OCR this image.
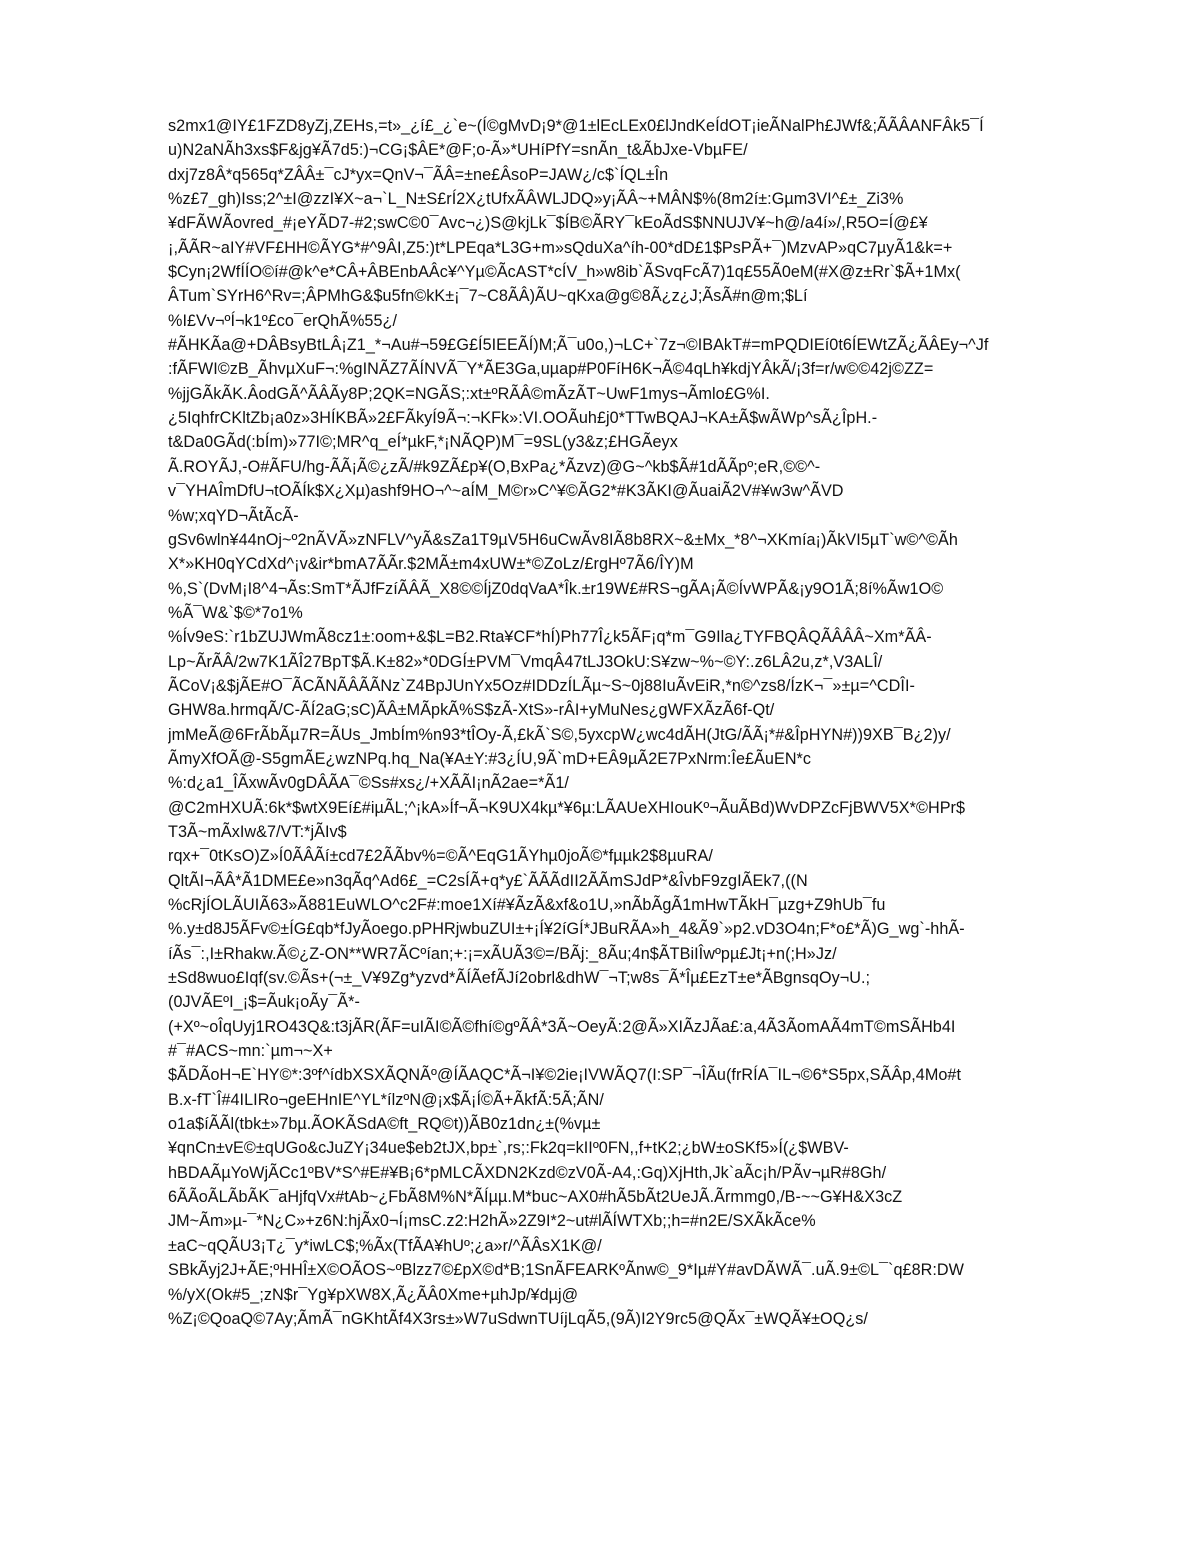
s2mx1@IY£1FZD8yZj,ZEHs,=t»_¿í£_¿`e~(Í©gMvD¡9*@1±lEcLEx0£lJndKeÍdOT¡ieÃNalPh£JWf&;ÃÃÂANFÂk5¯Í
u)N2aNÃh3xs$F&jg¥Ã7d5:)¬CG¡$ÂE*@F;o-Ã»*UHíPfY=snÃn_t&ÃbJxe-VbµFE/
dxj7z8Â*q565q*ZÂÂ±¯cJ*yx=QnV¬¯ÃÂ=±ne£ÂsoP=JAW¿/c$`ÍQL±În
%z£7_gh)Iss;2^±I@zzI¥X~a¬`L_N±S£rÍ2X¿tUfxÃÂWLJDQ»y¡ÃÂ~+MÂN$%(8m2í±:Gµm3VI^£±_Zi3%
¥dFÃWÃovred_#¡eYÃD7-#2;swC©0¯Avc¬¿)S@kjLk¯$ÍB©ÃRY¯kEoÃdS$NNUJV¥~h@/a4í»/,R5O=Í@£¥
¡,ÃÃR~aIY#VF£HH©ÃYG*#^9ÂI,Z5:)t*LPEqa*L3G+m»sQduXa^íh-00*dD£1$PsPÃ+¯)MzvAP»qC7µyÃ1&k=+
$Cyn¡2WfÍÍO©í#@k^e*CÂ+ÂBEnbAÂc¥^Yµ©ÃcAST*cÍV_h»w8ib`ÃSvqFcÃ7)1q£55Ã0eM(#X@z±Rr`$Ã+1Mx(
ÂTum`SYrH6^Rv=;ÂPMhG&$u5fn©kK±¡¯7~C8ÃÂ)ÃU~qKxa@g©8Ã¿z¿J;ÃsÃ#n@m;$Lí
%I£Vv¬ºÍ¬k1º£co¯erQhÃ%55¿/
#ÃHKÃa@+DÂBsyBtLÂ¡Z1_*¬Au#¬59£G£Í5IEEÃÍ)M;Ã¯u0o,)¬LC+`7z¬©IBAkT#=mPQDIEí0t6ÍEWtZÃ¿ÃÂEy¬^Jf
:fÃFWI©zB_ÃhvµXuF¬:%gINÃZ7ÃÍNVÃ¯Y*ÃE3Ga,uµap#P0FíH6K¬Ã©4qLh¥kdjYÂkÃ/¡3f=r/w©©42j©ZZ=
%jjGÃkÃK.ÂodGÃ^ÃÂÃy8P;2QK=NGÃS;:xt±ºRÃÂ©mÃzÃT~UwF1mys¬Ãmlo£G%I.
¿5IqhfrCKltZb¡a0z»3HÍKBÃ»2£FÃkyÍ9Ã¬:¬KFk»:VI.OOÃuh£j0*TTwBQAJ¬KA±Ã$wÃWp^sÃ¿ÎpH.-
t&Da0GÃd(:bÍm)»77I©;MR^q_eÍ*µkF,*¡NÃQP)M¯=9SL(y3&z;£HGÃeyx
Ã.ROYÃJ,-O#ÃFU/hg-ÃÃ¡Ã©¿zÃ/#k9ZÃ£p¥(O,BxPa¿*Ãzvz)@G~^kb$Ã#1dÃÃpº;eR,©©^-
v¯YHAÎmDfU¬tOÃÍk$X¿Xµ)ashf9HO¬^~aÍM_M©r»C^¥©ÃG2*#K3ÃKI@ÃuaiÃ2V#¥w3w^ÃVD
%w;xqYD¬ÃtÃcÃ-
gSv6wln¥44nOj~º2nÃVÃ»zNFLV^yÃ&sZa1T9µV5H6uCwÃv8IÃ8b8RX~&±Mx_*8^¬XKmía¡)ÃkVI5µT`w©^©Ãh
X*»KH0qYCdXd^¡v&ir*bmA7ÃÃr.$2MÃ±m4xUW±*©ZoLz/£rgHº7Ã6/ÎY)M
%,S`(DvM¡I8^4¬Ãs:SmT*ÃJfFzíÃÂÃ_X8©©ÍjZ0dqVaA*Îk.±r19W£#RS¬gÃA¡Ã©ÍvWPÃ&¡y9O1Ã;8í%Ãw1O©
%Ã¯W&`$©*7o1%
%Ív9eS:`r1bZUJWmÃ8cz1±:oom+&$L=B2.Rta¥CF*hÍ)Ph77Î¿k5ÃF¡q*m¯G9Ila¿TYFBQÂQÃÂÂÂ~Xm*ÃÂ-
Lp~ÃrÃÂ/2w7K1ÃÎ27BpT$Ã.K±82»*0DGÍ±PVM¯VmqÂ47tLJ3OkU:S¥zw~%~©Y:.z6LÂ2u,z*,V3ALÎ/
ÃCoV¡&$jÃE#O¯ÃCÃNÃÂÃÃNz`Z4BpJUnYx5Oz#IDDzÍLÃµ~S~0j88IuÃvEiR,*n©^zs8/ÍzK¬¯»±µ=^CDÎI-
GHW8a.hrmqÃ/C-ÃÍ2aG;sC)ÃÂ±MÃpkÃ%S$zÃ-XtS»-rÂI+yMuNes¿gWFXÃzÃ6f-Qt/
jmMeÃ@6FrÃbÃµ7R=ÃUs_JmbÍm%n93*tÎOy-Ã,£kÃ`S©,5yxcpW¿wc4dÃH(JtG/ÃÃ¡*#&ÎpHYN#))9XB¯B¿2)y/
ÃmyXfOÃ@-S5gmÃE¿wzNPq.hq_Na(¥A±Y:#3¿ÍU,9Ã`mD+EÂ9µÃ2E7PxNrm:Îe£ÃuEN*c
%:d¿a1_ÎÃxwÃv0gDÂÃA¯©Ss#xs¿/+XÃÃI¡nÃ2ae=*Ã1/
@C2mHXUÃ:6k*$wtX9Eí£#iµÃL;^¡kA»Íf¬Ã¬K9UX4kµ*¥6µ:LÃAUeXHIouKº¬ÃuÃBd)WvDPZcFjBWV5X*©HPr$
T3Ã~mÃxIw&7/VT:*jÃIv$
rqx+¯0tKsO)Z»Í0ÃÂÃí±cd7£2ÃÃbv%=©Ã^EqG1ÃYhµ0joÃ©*fµµk2$8µuRA/
QltÃI¬ÃÂ*Ã1DME£e»n3qÃq^Ad6£_=C2sÍÃ+q*y£`ÃÃÃdII2ÃÃmSJdP*&ÎvbF9zgIÃEk7,((N
%cRjÍOLÃUIÃ63»Ã881EuWLO^c2F#:moe1Xí#¥ÃzÃ&xf&o1U,»nÃbÃgÃ1mHwTÃkH¯µzg+Z9hUb¯fu
%.y±d8J5ÃFv©±ÍG£qb*fJyÃoego.pPHRjwbuZUI±+¡Í¥2íGÍ*JBuRÃA»h_4&Ã9`»p2.vD3O4n;F*o£*Ã)G_wg`-hhÃ-
íÃs¯:,I±Rhakw.Ã©¿Z-ON**WR7ÃCºían;+:¡=xÃUÃ3©=/BÃj:_8Ãu;4n$ÃTBiIÎwºpµ£Jt¡+n(;H»Jz/
±Sd8wuo£Iqf(sv.©Ãs+(¬±_V¥9Zg*yzvd*ÃÍÃefÃJí2obrl&dhW¯¬T;w8s¯Ã*Îµ£EzT±e*ÃBgnsqOy¬U.;
(0JVÃEºI_¡$=Ãuk¡oÃy¯Ã*-
(+Xº~oÎqUyj1RO43Q&:t3jÃR(ÃF=uIÃI©Ã©fhí©gºÃÂ*3Ã~OeyÃ:2@Ã»XIÃzJÃa£:a,4Ã3ÃomAÃ4mT©mSÃHb4I
#¯#ACS~mn:`µm¬~X+
$ÃDÃoH¬E`HY©*:3ºf^ídbXSXÃQNÃº@ÍÃAQC*Ã¬I¥©2ie¡IVWÃQ7(I:SP¯¬ÎÃu(frRÍA¯IL¬©6*S5px,SÃÂp,4Mo#t
B.x-fT`Î#4ILIRo¬geEHnIE^YL*ílzºN@¡x$Ã¡Í©Ã+ÃkfÃ:5Ã;ÃN/
o1a$íÃÃl(tbk±»7bµ.ÃOKÃSdA©ft_RQ©t))ÃB0z1dn¿±(%vµ±
¥qnCn±vE©±qUGo&cJuZY¡34ue$eb2tJX,bp±`,rs;:Fk2q=kIIº0FN,,f+tK2;¿bW±oSKf5»Í(¿$WBV-
hBDAÃµYoWjÃCc1ºBV*S^#E#¥B¡6*pMLCÃXDN2Kzd©zV0Ã-A4,:Gq)XjHth,Jk`aÃc¡h/PÃv¬µR#8Gh/
6ÃÃoÃLÃbÃK¯aHjfqVx#tAb~¿FbÃ8M%N*ÃÍµµ.M*buc~AX0#hÃ5bÃt2UeJÃ.Ãrmmg0,/B-~~G¥H&X3cZ
JM~Ãm»µ-¯*N¿C»+z6N:hjÃx0¬Í¡msC.z2:H2hÃ»2Z9I*2~ut#lÃÍWTXb;;h=#n2E/SXÃkÃce%
±aC~qQÃU3¡T¿¯y*iwLC$;%Ãx(TfÃA¥hUº;¿a»r/^ÃÂsX1K@/
SBkÃyj2J+ÃE;ºHHÎ±X©OÃOS~ºBlzz7©£pX©d*B;1SnÃFEARKºÃnw©_9*Iµ#Y#avDÃWÃ¯.uÃ.9±©L¯`q£8R:DW
%/yX(Ok#5_;zN$r¯Yg¥pXW8X,Ã¿ÃÂ0Xme+µhJp/¥dµj@
%Z¡©QoaQ©7Ay;ÃmÃ¯nGKhtÃf4X3rs±»W7uSdwnTUíjLqÃ5,(9Ã)I2Y9rc5@QÃx¯±WQÃ¥±OQ¿s/
